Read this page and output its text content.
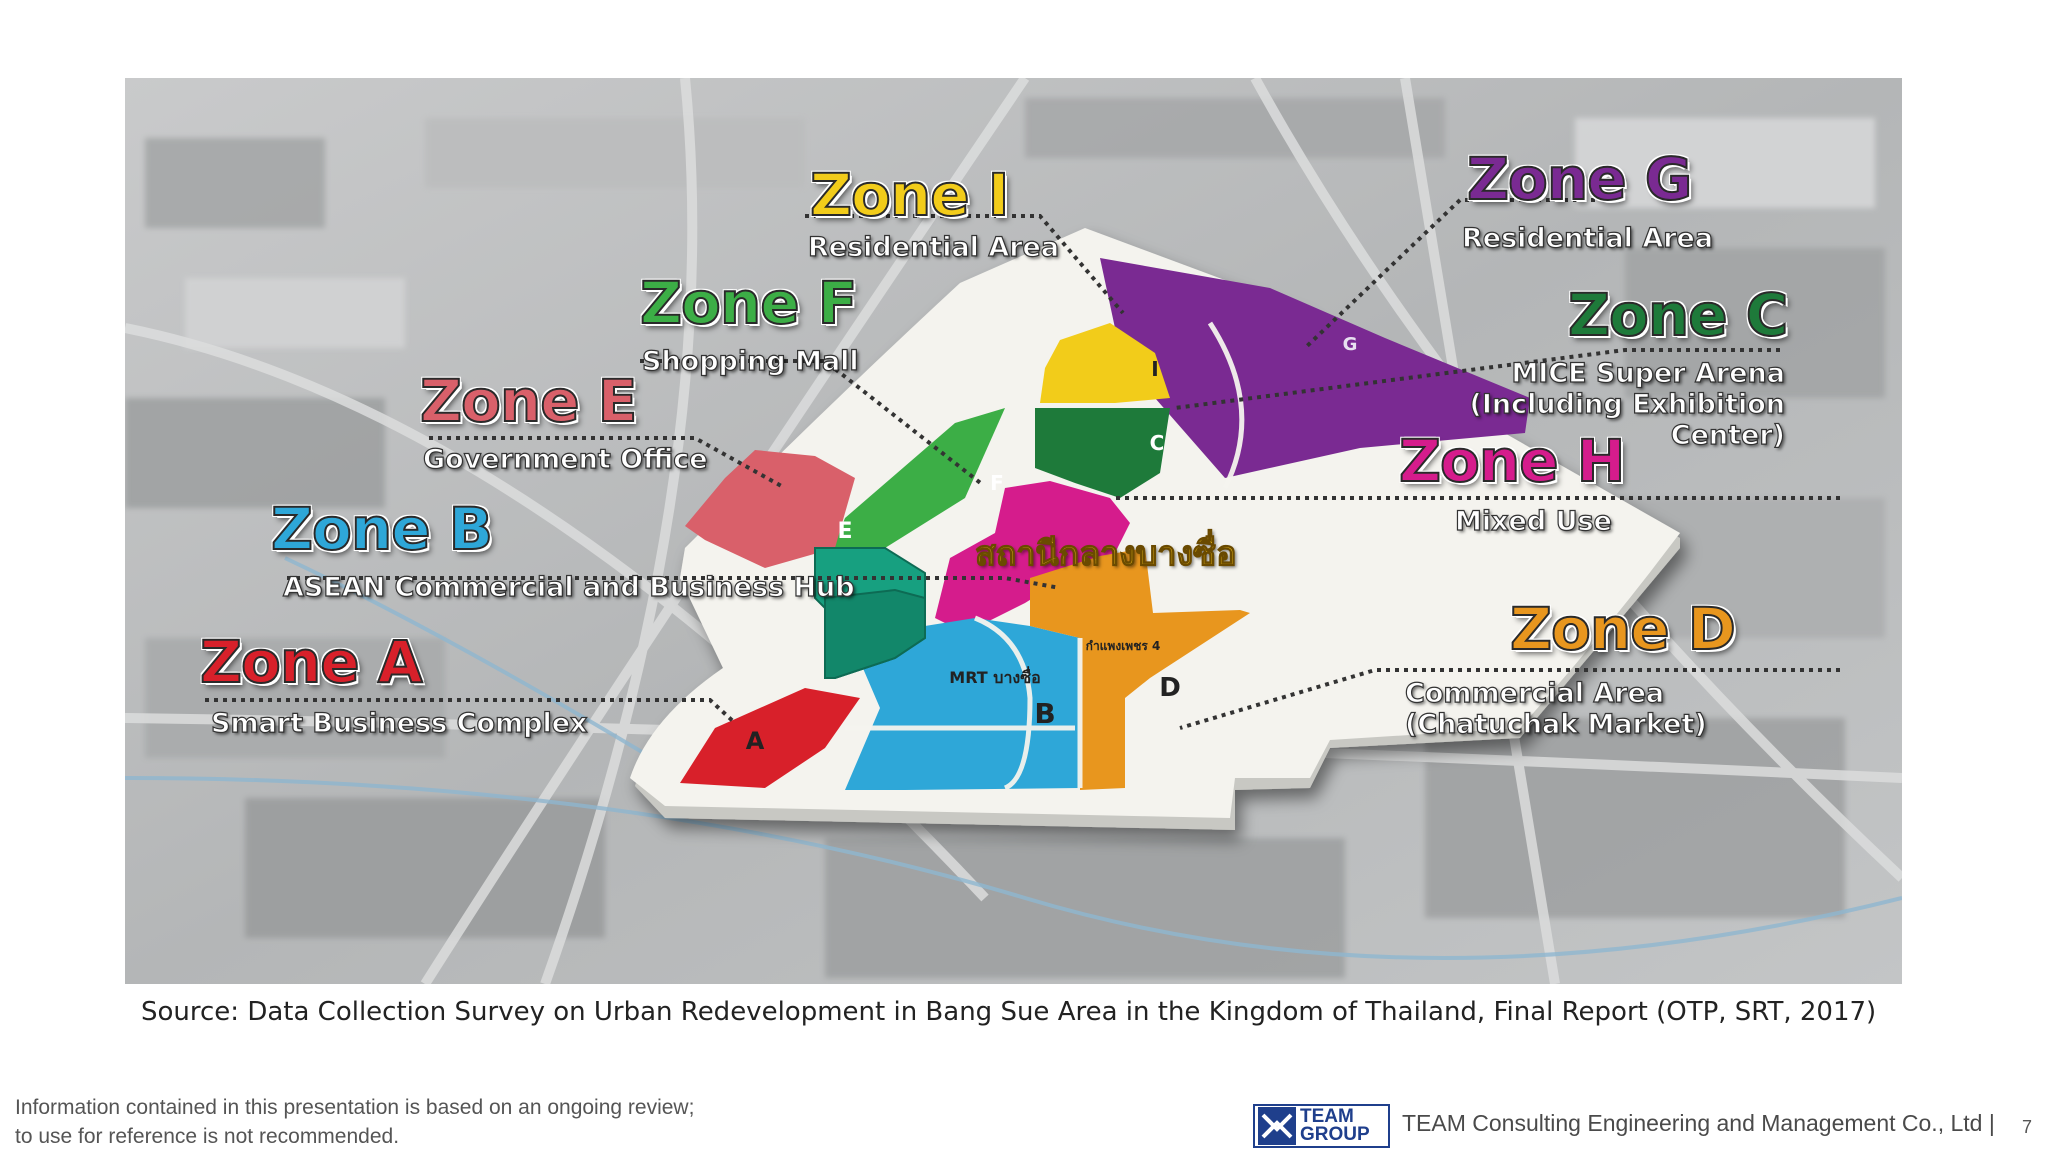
G
I
C
F
E
B
D
A
MRT บางซื่อ
กำแพงเพชร 4
Zone I
Residential Area
Zone G
Residential Area
Zone F
Shopping Mall
Zone C
MICE Super Arena
(Including Exhibition Center)
Zone E
Government Office	Zone H
Mixed Use
Zone B
ASEAN Commercial and Business Hub
Zone D
Commercial Area
(Chatuchak Market)
Zone A
Smart Business Complex
สถานีกลางบางซื่อ
Source: Data Collection Survey on Urban Redevelopment in Bang Sue Area in the Kingdom of Thailand, Final Report (OTP, SRT, 2017)
Information contained in this presentation is based on an ongoing review;
to use for reference is not recommended.
TEAM
GROUP TEAM Consulting Engineering and Management Co., Ltd | 7
